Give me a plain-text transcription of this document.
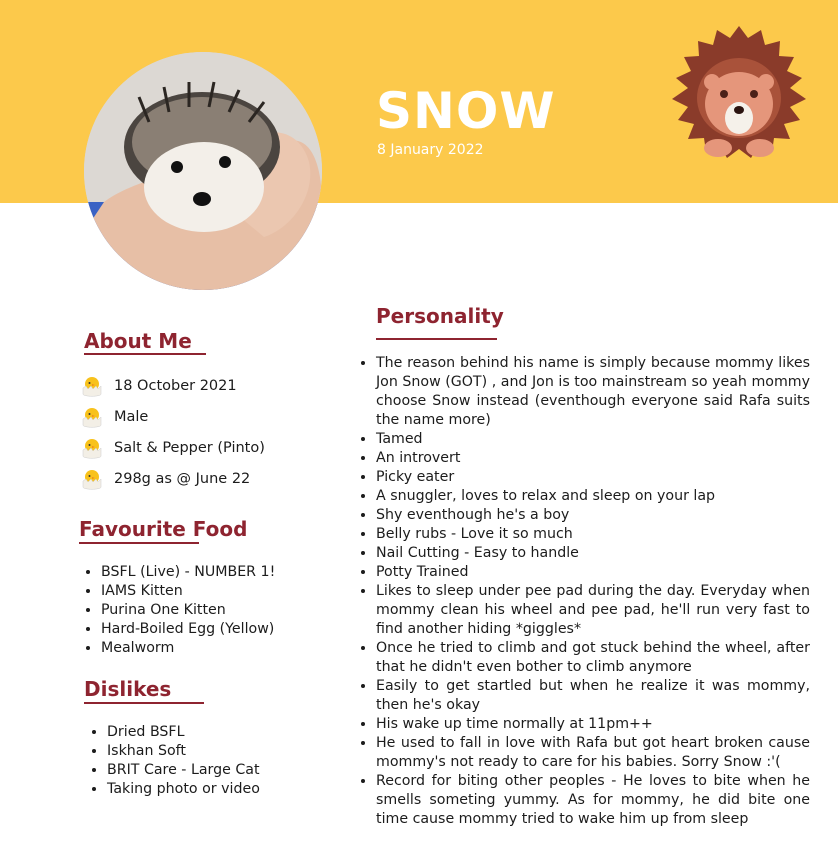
SNOW
8 January 2022
About Me
18 October 2021
Male
Salt & Pepper (Pinto)
298g as @ June 22
Favourite Food
• BSFL (Live) - NUMBER 1!
• IAMS Kitten
• Purina One Kitten
• Hard-Boiled Egg (Yellow)
• Mealworm
Dislikes
• Dried BSFL
• Iskhan Soft
• BRIT Care - Large Cat
• Taking photo or video
Personality
• The reason behind his name is simply because mommy likes Jon Snow (GOT) , and Jon is too mainstream so yeah mommy choose Snow instead (eventhough everyone said Rafa suits the name more)
• Tamed
• An introvert
• Picky eater
• A snuggler, loves to relax and sleep on your lap
• Shy eventhough he's a boy
• Belly rubs - Love it so much
• Nail Cutting - Easy to handle
• Potty Trained
• Likes to sleep under pee pad during the day. Everyday when mommy clean his wheel and pee pad, he'll run very fast to find another hiding *giggles*
• Once he tried to climb and got stuck behind the wheel, after that he didn't even bother to climb anymore
• Easily to get startled but when he realize it was mommy, then he's okay
• His wake up time normally at 11pm++
• He used to fall in love with Rafa but got heart broken cause mommy's not ready to care for his babies. Sorry Snow :'(
• Record for biting other peoples - He loves to bite when he smells someting yummy. As for mommy, he did bite one time cause mommy tried to wake him up from sleep
